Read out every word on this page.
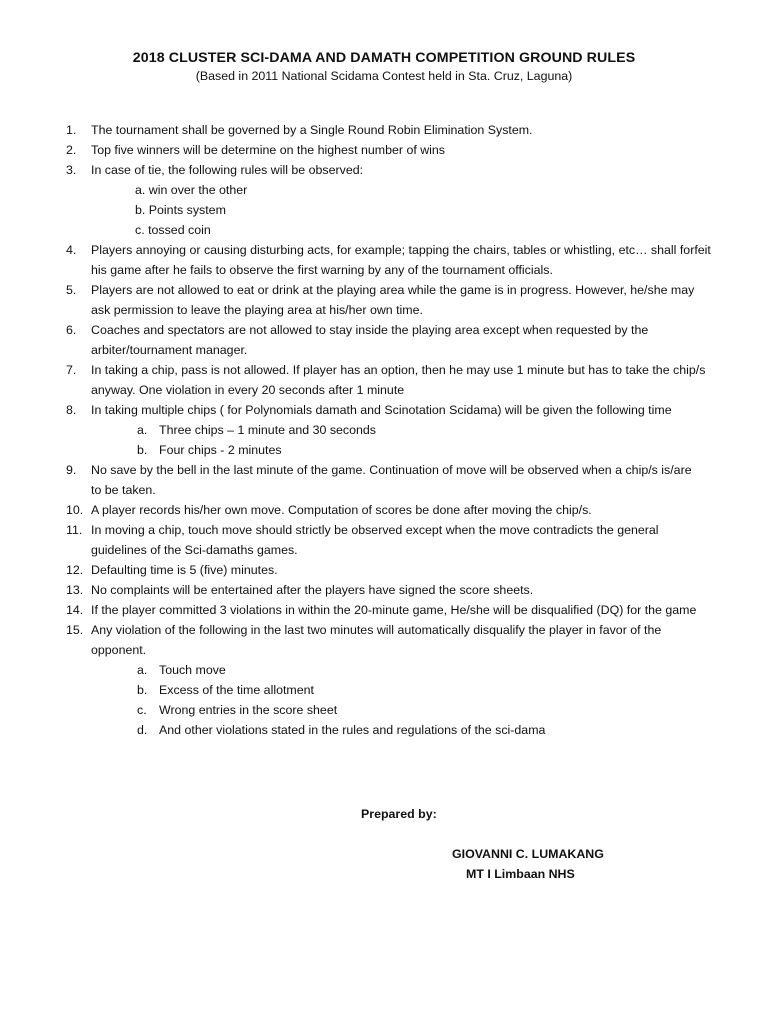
2018 CLUSTER SCI-DAMA AND DAMATH COMPETITION GROUND RULES
(Based in 2011 National Scidama Contest held in Sta. Cruz, Laguna)
1. The tournament shall be governed by a Single Round Robin Elimination System.
2. Top five winners will be determine on the highest number of wins
3. In case of tie, the following rules will be observed:
a. win over the other
b. Points system
c. tossed coin
4. Players annoying or causing disturbing acts, for example; tapping the chairs, tables or whistling, etc… shall forfeit
his game after he fails to observe the first warning by any of the tournament officials.
5. Players are not allowed to eat or drink at the playing area while the game is in progress. However, he/she may
ask permission to leave the playing area at his/her own time.
6. Coaches and spectators are not allowed to stay inside the playing area except when requested by the
arbiter/tournament manager.
7. In taking a chip, pass is not allowed. If player has an option, then he may use 1 minute but has to take the chip/s
anyway. One violation in every 20 seconds after 1 minute
8. In taking multiple chips ( for Polynomials damath and Scinotation Scidama) will be given the following time
a. Three chips – 1 minute and 30 seconds
b. Four chips - 2 minutes
9. No save by the bell in the last minute of the game. Continuation of move will be observed when a chip/s is/are
to be taken.
10. A player records his/her own move. Computation of scores be done after moving the chip/s.
11. In moving a chip, touch move should strictly be observed except when the move contradicts the general
guidelines of the Sci-damaths games.
12. Defaulting time is 5 (five) minutes.
13. No complaints will be entertained after the players have signed the score sheets.
14. If the player committed 3 violations in within the 20-minute game, He/she will be disqualified (DQ) for the game
15. Any violation of the following in the last two minutes will automatically disqualify the player in favor of the
opponent.
a. Touch move
b. Excess of the time allotment
c. Wrong entries in the score sheet
d. And other violations stated in the rules and regulations of the sci-dama
Prepared by:
GIOVANNI C. LUMAKANG
MT I Limbaan NHS
